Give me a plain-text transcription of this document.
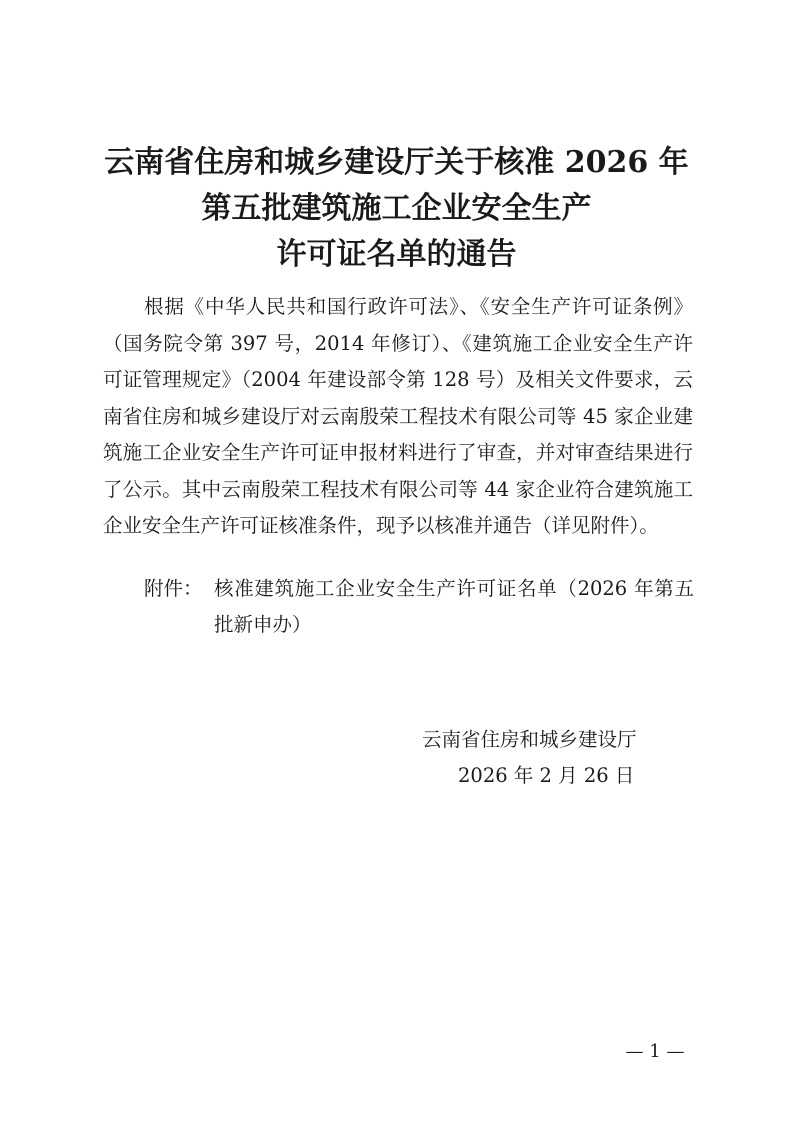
云南省住房和城乡建设厅关于核准 2026 年
第五批建筑施工企业安全生产
许可证名单的通告

根据《中华人民共和国行政许可法》、《安全生产许可证条例》（国务院令第 397 号，2014 年修订）、《建筑施工企业安全生产许可证管理规定》（2004 年建设部令第 128 号）及相关文件要求，云南省住房和城乡建设厅对云南殷荣工程技术有限公司等 45 家企业建筑施工企业安全生产许可证申报材料进行了审查，并对审查结果进行了公示。其中云南殷荣工程技术有限公司等 44 家企业符合建筑施工企业安全生产许可证核准条件，现予以核准并通告（详见附件）。

附件： 核准建筑施工企业安全生产许可证名单（2026 年第五批新申办）
云南省住房和城乡建设厅
2026 年 2 月 26 日
— 1 —
